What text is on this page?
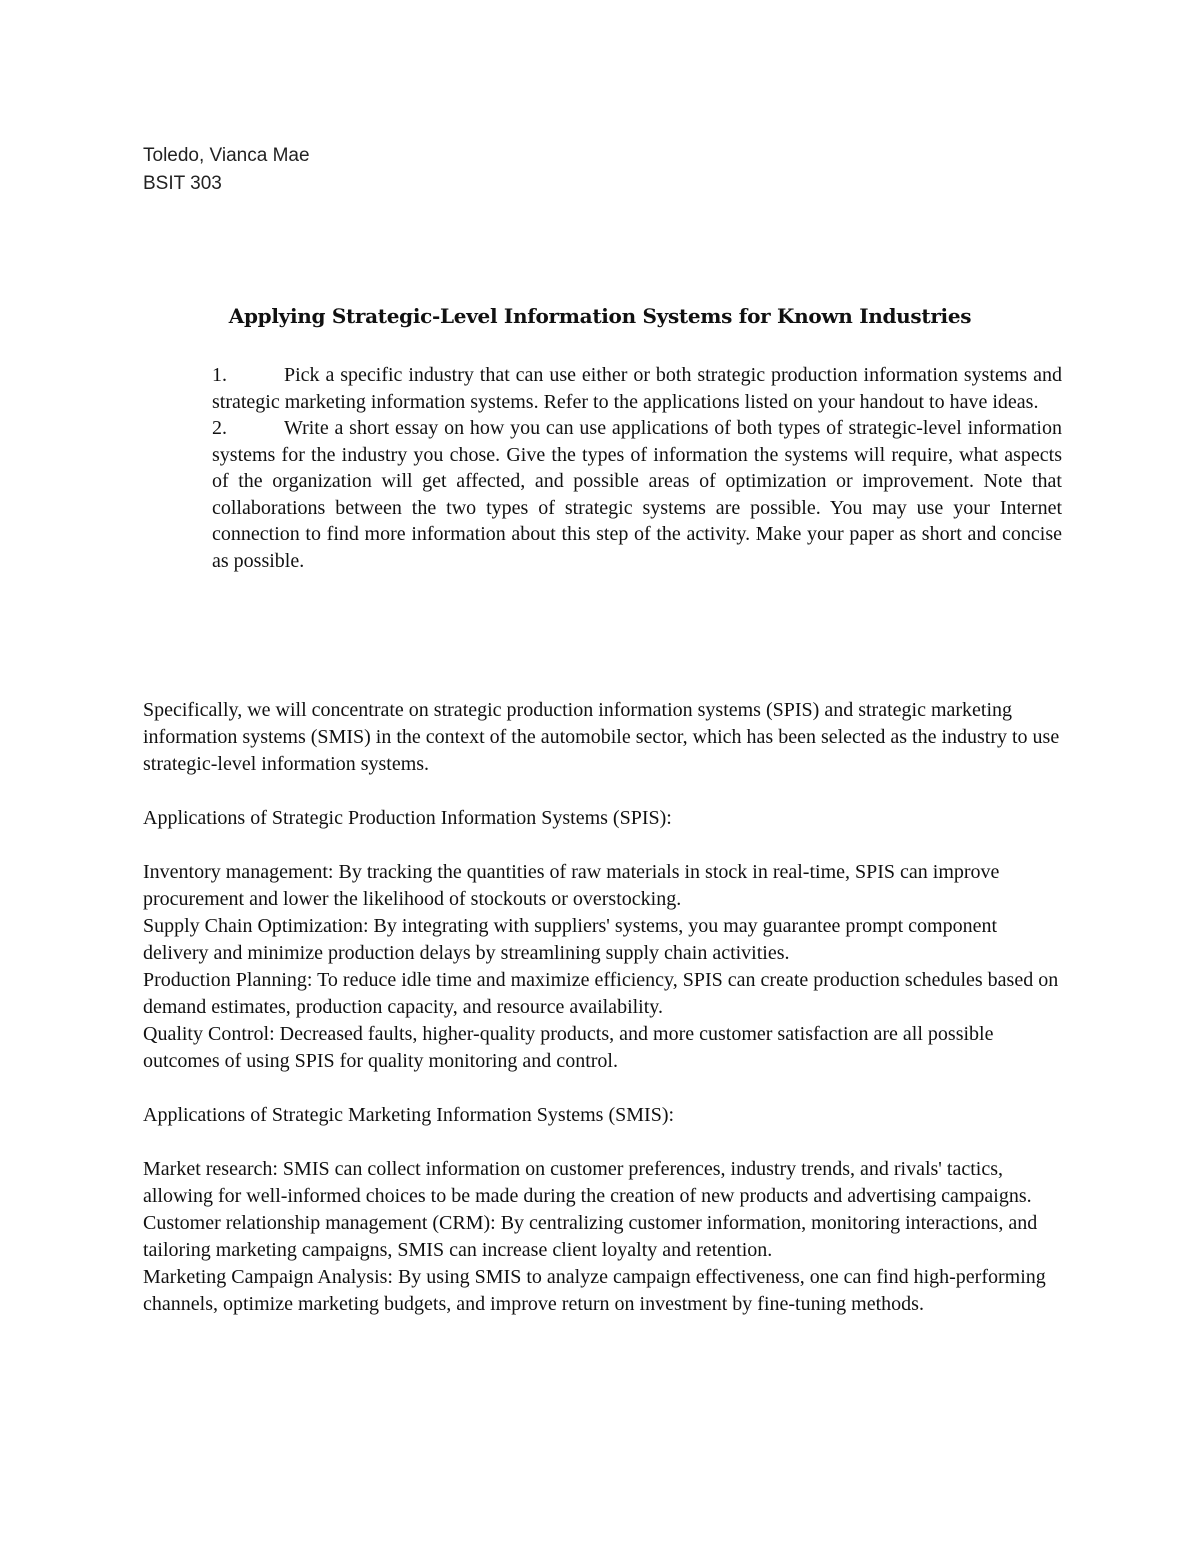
Toledo, Vianca Mae
BSIT 303
Applying Strategic-Level Information Systems for Known Industries

1.	Pick a specific industry that can use either or both strategic production information systems and strategic marketing information systems. Refer to the applications listed on your handout to have ideas.

2.	Write a short essay on how you can use applications of both types of strategic-level information systems for the industry you chose. Give the types of information the systems will require, what aspects of the organization will get affected, and possible areas of optimization or improvement. Note that collaborations between the two types of strategic systems are possible. You may use your Internet connection to find more information about this step of the activity. Make your paper as short and concise as possible.

Specifically, we will concentrate on strategic production information systems (SPIS) and strategic marketing information systems (SMIS) in the context of the automobile sector, which has been selected as the industry to use strategic-level information systems.

Applications of Strategic Production Information Systems (SPIS):

Inventory management: By tracking the quantities of raw materials in stock in real-time, SPIS can improve procurement and lower the likelihood of stockouts or overstocking.

Supply Chain Optimization: By integrating with suppliers' systems, you may guarantee prompt component delivery and minimize production delays by streamlining supply chain activities.

Production Planning: To reduce idle time and maximize efficiency, SPIS can create production schedules based on demand estimates, production capacity, and resource availability.

Quality Control: Decreased faults, higher-quality products, and more customer satisfaction are all possible outcomes of using SPIS for quality monitoring and control.

Applications of Strategic Marketing Information Systems (SMIS):

Market research: SMIS can collect information on customer preferences, industry trends, and rivals' tactics, allowing for well-informed choices to be made during the creation of new products and advertising campaigns.

Customer relationship management (CRM): By centralizing customer information, monitoring interactions, and tailoring marketing campaigns, SMIS can increase client loyalty and retention.

Marketing Campaign Analysis: By using SMIS to analyze campaign effectiveness, one can find high-performing channels, optimize marketing budgets, and improve return on investment by fine-tuning methods.
